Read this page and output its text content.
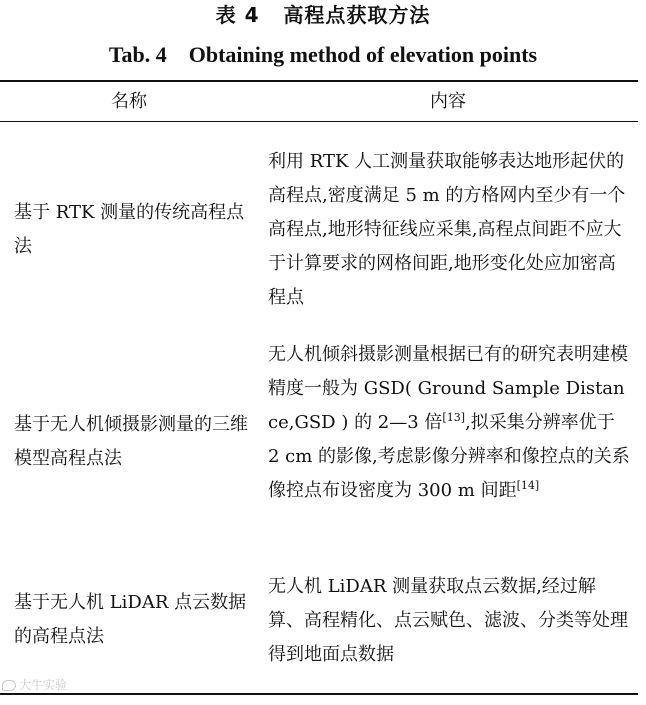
表 4   高程点获取方法
Tab. 4    Obtaining method of elevation points
名称	内容
基于 RTK 测量的传统高程点法
利用 RTK 人工测量获取能够表达地形起伏的高程点,密度满足 5 m 的方格网内至少有一个高程点,地形特征线应采集,高程点间距不应大于计算要求的网格间距,地形变化处应加密高程点
基于无人机倾摄影测量的三维模型高程点法
无人机倾斜摄影测量根据已有的研究表明建模精度一般为 GSD( Ground Sample Distance,GSD ) 的 2—3 倍[13],拟采集分辨率优于 2 cm 的影像,考虑影像分辨率和像控点的关系像控点布设密度为 300 m 间距[14]
基于无人机 LiDAR 点云数据的高程点法
无人机 LiDAR 测量获取点云数据,经过解算、高程精化、点云赋色、滤波、分类等处理得到地面点数据
大牛实验
